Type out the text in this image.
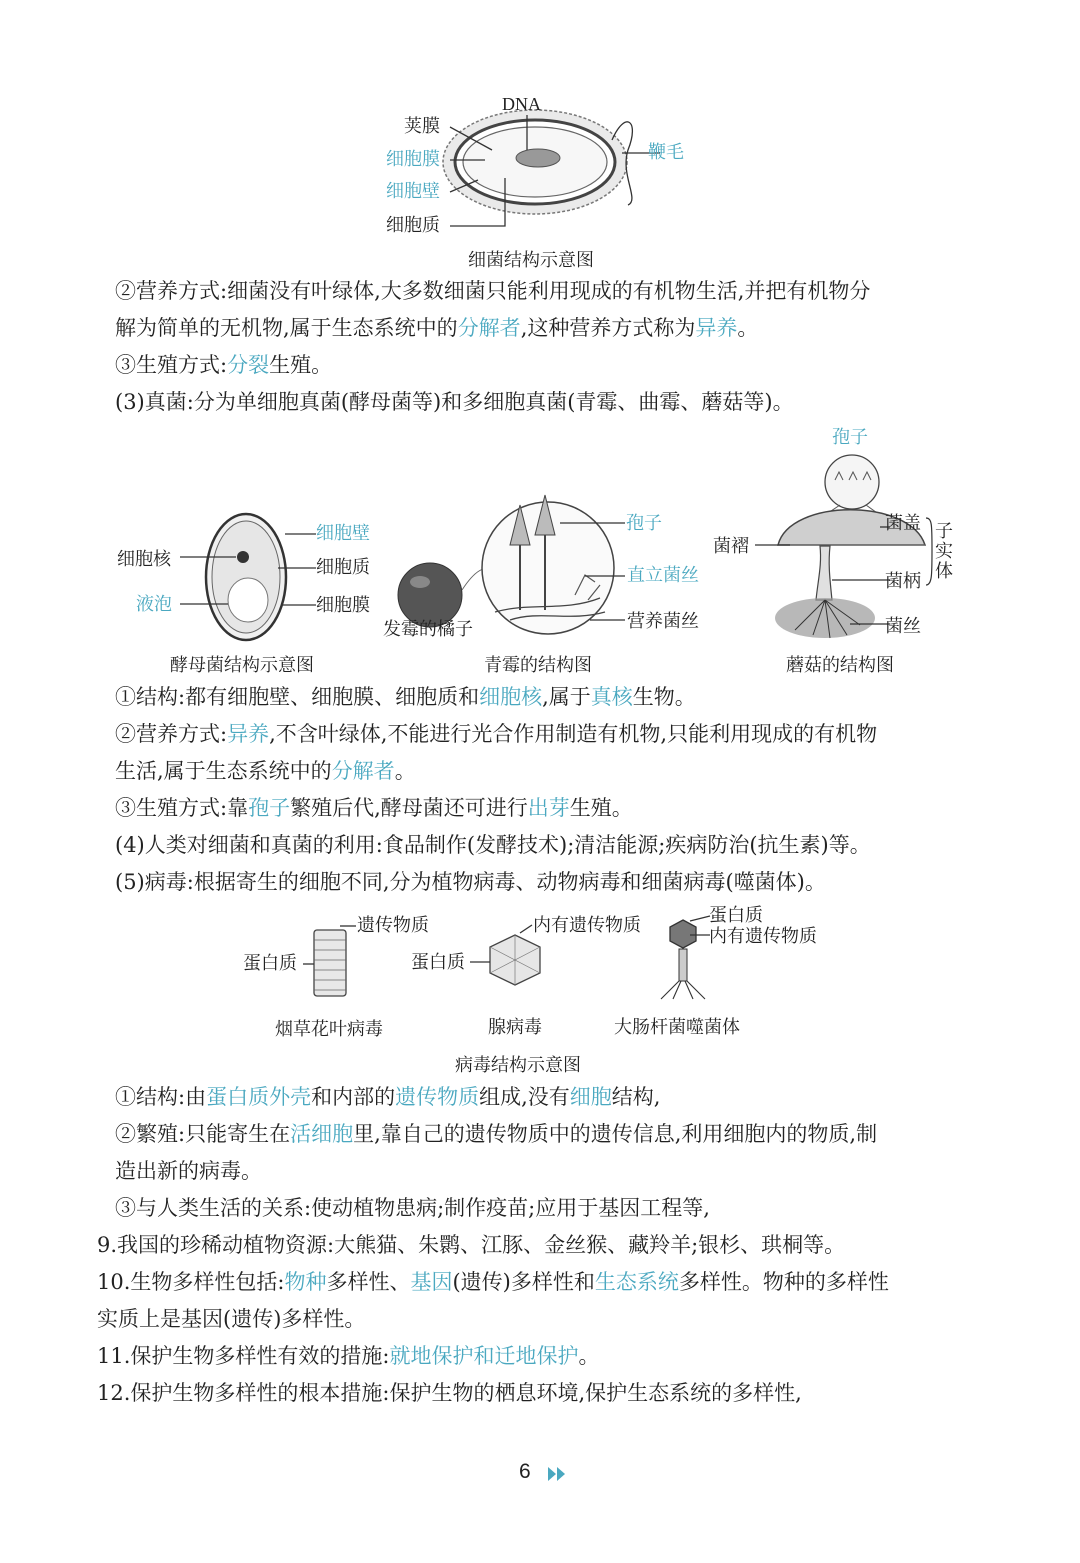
DNA
荚膜
细胞膜
细胞壁
细胞质
鞭毛
细菌结构示意图
②营养方式:细菌没有叶绿体,大多数细菌只能利用现成的有机物生活,并把有机物分
解为简单的无机物,属于生态系统中的分解者,这种营养方式称为异养。
③生殖方式:分裂生殖。
(3)真菌:分为单细胞真菌(酵母菌等)和多细胞真菌(青霉、曲霉、蘑菇等)。
细胞核
液泡
细胞壁
细胞质
细胞膜
酵母菌结构示意图
发霉的橘子
孢子
直立菌丝
营养菌丝
青霉的结构图
孢子
菌褶
菌盖
菌柄
菌丝
子实体
蘑菇的结构图
①结构:都有细胞壁、细胞膜、细胞质和细胞核,属于真核生物。
②营养方式:异养,不含叶绿体,不能进行光合作用制造有机物,只能利用现成的有机物
生活,属于生态系统中的分解者。
③生殖方式:靠孢子繁殖后代,酵母菌还可进行出芽生殖。
(4)人类对细菌和真菌的利用:食品制作(发酵技术);清洁能源;疾病防治(抗生素)等。
(5)病毒:根据寄生的细胞不同,分为植物病毒、动物病毒和细菌病毒(噬菌体)。
遗传物质
蛋白质
烟草花叶病毒
内有遗传物质
蛋白质
腺病毒
蛋白质
内有遗传物质
大肠杆菌噬菌体
病毒结构示意图
①结构:由蛋白质外壳和内部的遗传物质组成,没有细胞结构,
②繁殖:只能寄生在活细胞里,靠自己的遗传物质中的遗传信息,利用细胞内的物质,制
造出新的病毒。
③与人类生活的关系:使动植物患病;制作疫苗;应用于基因工程等,
9.我国的珍稀动植物资源:大熊猫、朱鹮、江豚、金丝猴、藏羚羊;银杉、珙桐等。
10.生物多样性包括:物种多样性、基因(遗传)多样性和生态系统多样性。物种的多样性
实质上是基因(遗传)多样性。
11.保护生物多样性有效的措施:就地保护和迁地保护。
12.保护生物多样性的根本措施:保护生物的栖息环境,保护生态系统的多样性,
6
